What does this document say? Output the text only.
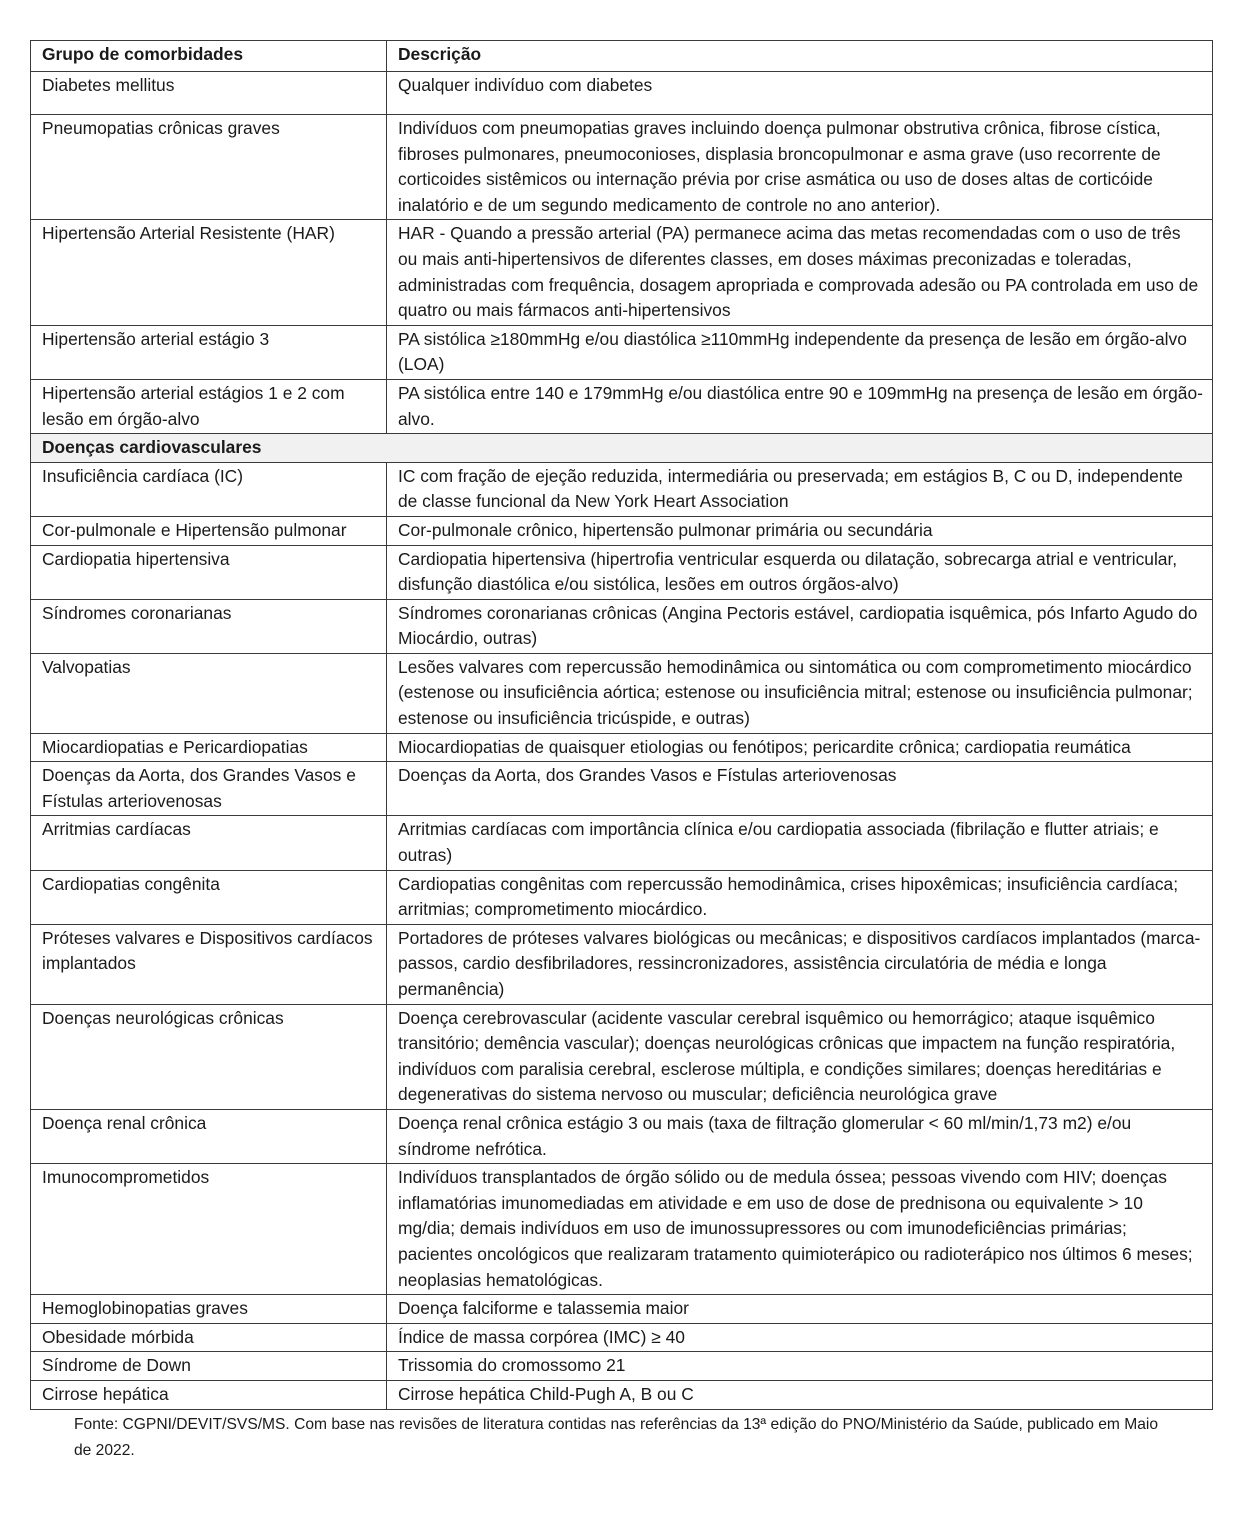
Grupo de comorbidades	Descrição
Diabetes mellitus	Qualquer indivíduo com diabetes
Pneumopatias crônicas graves	Indivíduos com pneumopatias graves incluindo doença pulmonar obstrutiva crônica, fibrose cística, fibroses pulmonares, pneumoconioses, displasia broncopulmonar e asma grave (uso recorrente de corticoides sistêmicos ou internação prévia por crise asmática ou uso de doses altas de corticóide inalatório e de um segundo medicamento de controle no ano anterior).
Hipertensão Arterial Resistente (HAR)	HAR - Quando a pressão arterial (PA) permanece acima das metas recomendadas com o uso de três ou mais anti-hipertensivos de diferentes classes, em doses máximas preconizadas e toleradas, administradas com frequência, dosagem apropriada e comprovada adesão ou PA controlada em uso de quatro ou mais fármacos anti-hipertensivos
Hipertensão arterial estágio 3	PA sistólica ≥180mmHg e/ou diastólica ≥110mmHg independente da presença de lesão em órgão-alvo (LOA)
Hipertensão arterial estágios 1 e 2 com lesão em órgão-alvo	PA sistólica entre 140 e 179mmHg e/ou diastólica entre 90 e 109mmHg na presença de lesão em órgão-alvo.
Doenças cardiovasculares	
Insuficiência cardíaca (IC)	IC com fração de ejeção reduzida, intermediária ou preservada; em estágios B, C ou D, independente de classe funcional da New York Heart Association
Cor-pulmonale e Hipertensão pulmonar	Cor-pulmonale crônico, hipertensão pulmonar primária ou secundária
Cardiopatia hipertensiva	Cardiopatia hipertensiva (hipertrofia ventricular esquerda ou dilatação, sobrecarga atrial e ventricular, disfunção diastólica e/ou sistólica, lesões em outros órgãos-alvo)
Síndromes coronarianas	Síndromes coronarianas crônicas (Angina Pectoris estável, cardiopatia isquêmica, pós Infarto Agudo do Miocárdio, outras)
Valvopatias	Lesões valvares com repercussão hemodinâmica ou sintomática ou com comprometimento miocárdico (estenose ou insuficiência aórtica; estenose ou insuficiência mitral; estenose ou insuficiência pulmonar; estenose ou insuficiência tricúspide, e outras)
Miocardiopatias e Pericardiopatias	Miocardiopatias de quaisquer etiologias ou fenótipos; pericardite crônica; cardiopatia reumática
Doenças da Aorta, dos Grandes Vasos e Fístulas arteriovenosas	Doenças da Aorta, dos Grandes Vasos e Fístulas arteriovenosas
Arritmias cardíacas	Arritmias cardíacas com importância clínica e/ou cardiopatia associada (fibrilação e flutter atriais; e outras)
Cardiopatias congênita	Cardiopatias congênitas com repercussão hemodinâmica, crises hipoxêmicas; insuficiência cardíaca; arritmias; comprometimento miocárdico.
Próteses valvares e Dispositivos cardíacos implantados	Portadores de próteses valvares biológicas ou mecânicas; e dispositivos cardíacos implantados (marca-passos, cardio desfibriladores, ressincronizadores, assistência circulatória de média e longa permanência)
Doenças neurológicas crônicas	Doença cerebrovascular (acidente vascular cerebral isquêmico ou hemorrágico; ataque isquêmico transitório; demência vascular); doenças neurológicas crônicas que impactem na função respiratória, indivíduos com paralisia cerebral, esclerose múltipla, e condições similares; doenças hereditárias e degenerativas do sistema nervoso ou muscular; deficiência neurológica grave
Doença renal crônica	Doença renal crônica estágio 3 ou mais (taxa de filtração glomerular < 60 ml/min/1,73 m2) e/ou síndrome nefrótica.
Imunocomprometidos	Indivíduos transplantados de órgão sólido ou de medula óssea; pessoas vivendo com HIV; doenças inflamatórias imunomediadas em atividade e em uso de dose de prednisona ou equivalente > 10 mg/dia; demais indivíduos em uso de imunossupressores ou com imunodeficiências primárias; pacientes oncológicos que realizaram tratamento quimioterápico ou radioterápico nos últimos 6 meses; neoplasias hematológicas.
Hemoglobinopatias graves	Doença falciforme e talassemia maior
Obesidade mórbida	Índice de massa corpórea (IMC) ≥ 40
Síndrome de Down	Trissomia do cromossomo 21
Cirrose hepática	Cirrose hepática Child-Pugh A, B ou C
Fonte: CGPNI/DEVIT/SVS/MS. Com base nas revisões de literatura contidas nas referências da 13ª edição do PNO/Ministério da Saúde, publicado em Maio de 2022.
